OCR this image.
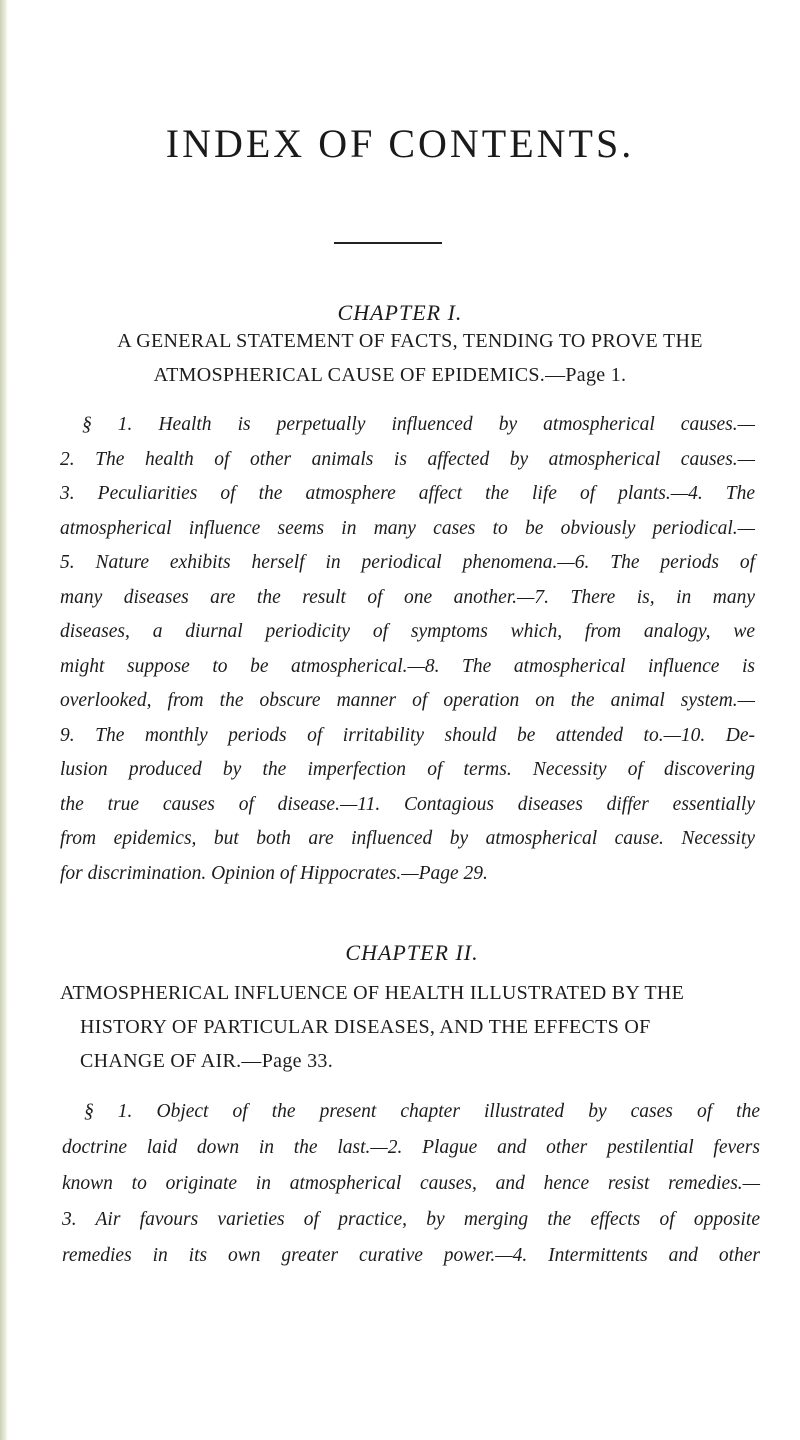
INDEX OF CONTENTS.
CHAPTER I.
A GENERAL STATEMENT OF FACTS, TENDING TO PROVE THE
ATMOSPHERICAL CAUSE OF EPIDEMICS.—Page 1.
§ 1. Health is perpetually influenced by atmospherical causes.—
2. The health of other animals is affected by atmospherical causes.—
3. Peculiarities of the atmosphere affect the life of plants.—4. The
atmospherical influence seems in many cases to be obviously periodical.—
5. Nature exhibits herself in periodical phenomena.—6. The periods of
many diseases are the result of one another.—7. There is, in many
diseases, a diurnal periodicity of symptoms which, from analogy, we
might suppose to be atmospherical.—8. The atmospherical influence is
overlooked, from the obscure manner of operation on the animal system.—
9. The monthly periods of irritability should be attended to.—10. De-
lusion produced by the imperfection of terms. Necessity of discovering
the true causes of disease.—11. Contagious diseases differ essentially
from epidemics, but both are influenced by atmospherical cause. Necessity
for discrimination. Opinion of Hippocrates.—Page 29.
CHAPTER II.
ATMOSPHERICAL INFLUENCE OF HEALTH ILLUSTRATED BY THE
HISTORY OF PARTICULAR DISEASES, AND THE EFFECTS OF
CHANGE OF AIR.—Page 33.
§ 1. Object of the present chapter illustrated by cases of the
doctrine laid down in the last.—2. Plague and other pestilential fevers
known to originate in atmospherical causes, and hence resist remedies.—
3. Air favours varieties of practice, by merging the effects of opposite
remedies in its own greater curative power.—4. Intermittents and other
